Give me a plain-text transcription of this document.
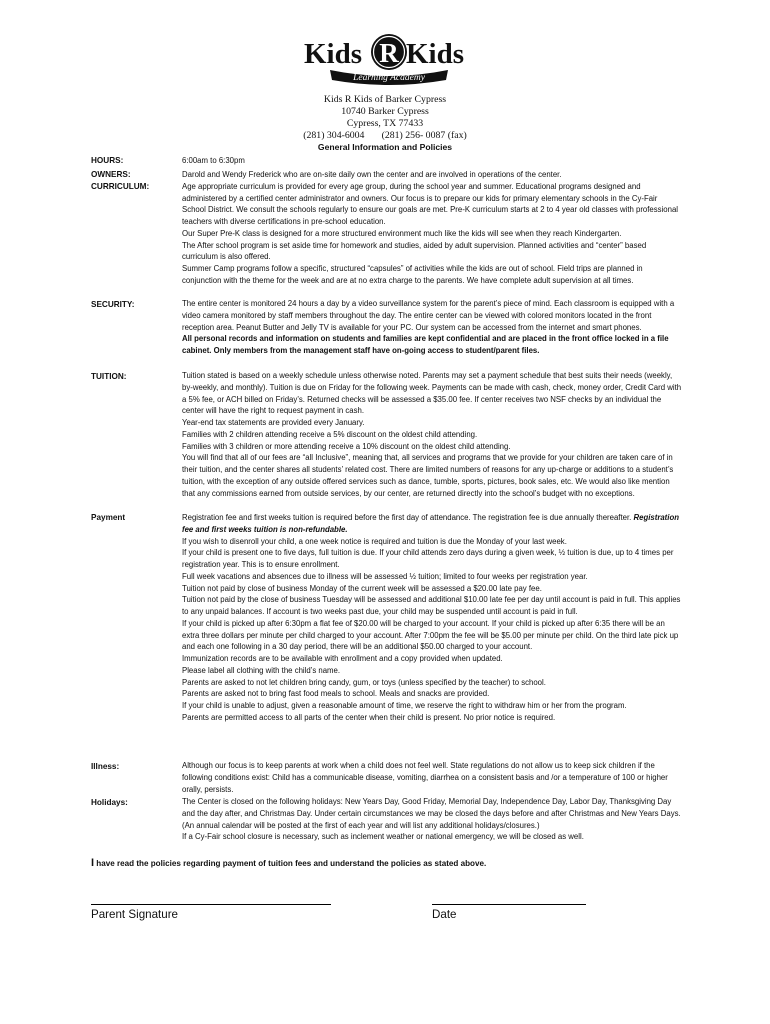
Kids R Kids
Learning Academy
Kids R Kids of Barker Cypress
10740 Barker Cypress
Cypress, TX 77433
(281) 304-6004       (281) 256- 0087 (fax)
General Information and Policies
HOURS:
OWNERS:
CURRICULUM:
SECURITY:
TUITION:
Payment
Illness:
Holidays:
6:00am to 6:30pm

Darold and Wendy Frederick who are on-site daily own the center and are involved in operations of the center.

Age appropriate curriculum is provided for every age group, during the school year and summer. Educational programs designed and administered by a certified center administrator and owners. Our focus is to prepare our kids for primary elementary schools in the Cy-Fair School District. We consult the schools regularly to ensure our goals are met. Pre-K curriculum starts at 2 to 4 year old classes with professional teachers with diverse certifications in pre-school education.

Our Super Pre-K class is designed for a more structured environment much like the kids will see when they reach Kindergarten.

The After school program is set aside time for homework and studies, aided by adult supervision. Planned activities and “center” based curriculum is also offered.

Summer Camp programs follow a specific, structured “capsules” of activities while the kids are out of school. Field trips are planned in conjunction with the theme for the week and are at no extra charge to the parents. We have complete adult supervision at all times.

The entire center is monitored 24 hours a day by a video surveillance system for the parent’s piece of mind. Each classroom is equipped with a video camera monitored by staff members throughout the day. The entire center can be viewed with colored monitors located in the front reception area. Peanut Butter and Jelly TV is available for your PC. Our system can be accessed from the internet and smart phones.

All personal records and information on students and families are kept confidential and are placed in the front office locked in a file cabinet. Only members from the management staff have on-going access to student/parent files.

Tuition stated is based on a weekly schedule unless otherwise noted. Parents may set a payment schedule that best suits their needs (weekly, by-weekly, and monthly). Tuition is due on Friday for the following week. Payments can be made with cash, check, money order, Credit Card with a 5% fee, or ACH billed on Friday’s. Returned checks will be assessed a $35.00 fee. If center receives two NSF checks by an individual the center will have the right to request payment in cash.

Year-end tax statements are provided every January.

Families with 2 children attending receive a 5% discount on the oldest child attending.

Families with 3 children or more attending receive a 10% discount on the oldest child attending.

You will find that all of our fees are “all Inclusive”, meaning that, all services and programs that we provide for your children are taken care of in their tuition, and the center shares all students’ related cost. There are limited numbers of reasons for any up-charge or additions to a student’s tuition, with the exception of any outside offered services such as dance, tumble, sports, pictures, book sales, etc. We would also like mention that any commissions earned from outside services, by our center, are returned directly into the school’s budget with no exceptions.

Registration fee and first weeks tuition is required before the first day of attendance. The registration fee is due annually thereafter. Registration fee and first weeks tuition is non-refundable.

If you wish to disenroll your child, a one week notice is required and tuition is due the Monday of your last week.

If your child is present one to five days, full tuition is due. If your child attends zero days during a given week, ½ tuition is due, up to 4 times per registration year. This is to ensure enrollment.

Full week vacations and absences due to illness will be assessed ½ tuition; limited to four weeks per registration year.

Tuition not paid by close of business Monday of the current week will be assessed a $20.00 late pay fee.

Tuition not paid by the close of business Tuesday will be assessed and additional $10.00 late fee per day until account is paid in full. This applies to any unpaid balances. If account is two weeks past due, your child may be suspended until account is paid in full.

If your child is picked up after 6:30pm a flat fee of $20.00 will be charged to your account. If your child is picked up after 6:35 there will be an extra three dollars per minute per child charged to your account. After 7:00pm the fee will be $5.00 per minute per child. On the third late pick up and each one following in a 30 day period, there will be an additional $50.00 charged to your account.

Immunization records are to be available with enrollment and a copy provided when updated.

Please label all clothing with the child’s name.

Parents are asked to not let children bring candy, gum, or toys (unless specified by the teacher) to school.

Parents are asked not to bring fast food meals to school. Meals and snacks are provided.

If your child is unable to adjust, given a reasonable amount of time, we reserve the right to withdraw him or her from the program.

Parents are permitted access to all parts of the center when their child is present. No prior notice is required.

Although our focus is to keep parents at work when a child does not feel well. State regulations do not allow us to keep sick children if the following conditions exist: Child has a communicable disease, vomiting, diarrhea on a consistent basis and /or a temperature of 100 or higher orally, persists.

The Center is closed on the following holidays: New Years Day, Good Friday, Memorial Day, Independence Day, Labor Day, Thanksgiving Day and the day after, and Christmas Day. Under certain circumstances we may be closed the days before and after Christmas and New Years Days. (An annual calendar will be posted at the first of each year and will list any additional holidays/closures.)

If a Cy-Fair school closure is necessary, such as inclement weather or national emergency, we will be closed as well.

I have read the policies regarding payment of tuition fees and understand the policies as stated above.
Parent Signature	Date
